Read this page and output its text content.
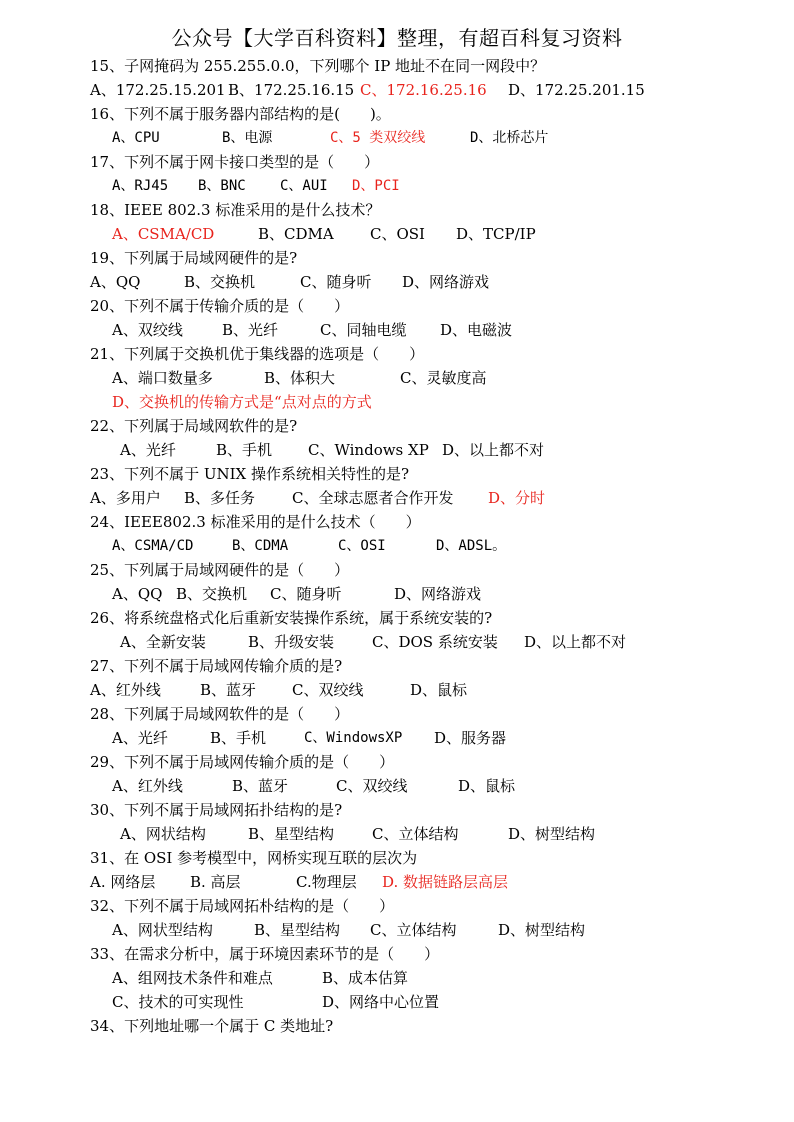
公众号【大学百科资料】整理，有超百科复习资料
15、子网掩码为 255.255.0.0，下列哪个 IP 地址不在同一网段中？
A、172.25.15.201 B、172.25.16.15 C、172.16.25.16 D、172.25.201.15
16、下列不属于服务器内部结构的是(　　)。
A、CPU	B、电源	C、5 类双绞线	D、北桥芯片
17、下列不属于网卡接口类型的是（　　）
A、RJ45 B、BNC C、AUI D、PCI
18、IEEE 802.3 标准采用的是什么技术？
A、CSMA/CD	B、CDMA C、OSI D、TCP/IP
19、下列属于局域网硬件的是?
A、QQ	B、交换机	C、随身听 D、网络游戏
20、下列不属于传输介质的是（　　）
A、双绞线	B、光纤	C、同轴电缆 D、电磁波
21、下列属于交换机优于集线器的选项是（　　）
A、端口数量多	B、体积大	C、灵敏度高
D、交换机的传输方式是“点对点的方式
22、下列属于局域网软件的是?
A、光纤	B、手机 C、Windows XP D、以上都不对
23、下列不属于 UNIX 操作系统相关特性的是?
A、多用户 B、多任务 C、全球志愿者合作开发 D、分时
24、IEEE802.3 标准采用的是什么技术（　　）
A、CSMA/CD	B、CDMA	C、OSI	D、ADSL。
25、下列属于局域网硬件的是（　　）
A、QQ B、交换机 C、随身听	D、网络游戏
26、将系统盘格式化后重新安装操作系统，属于系统安装的?
A、全新安装	B、升级安装	C、DOS 系统安装 D、以上都不对
27、下列不属于局域网传输介质的是?
A、红外线	B、蓝牙 C、双绞线	D、鼠标
28、下列属于局域网软件的是（　　）
A、光纤	B、手机	C、WindowsXP D、服务器
29、下列不属于局域网传输介质的是（　　）
A、红外线	B、蓝牙	C、双绞线	D、鼠标
30、下列不属于局域网拓扑结构的是?
A、网状结构	B、星型结构	C、立体结构	D、树型结构
31、在 OSI 参考模型中，网桥实现互联的层次为
A. 网络层 B. 高层	C.物理层 D. 数据链路层高层
32、下列不属于局域网拓朴结构的是（　　）
A、网状型结构	B、星型结构 C、立体结构	D、树型结构
33、在需求分析中，属于环境因素环节的是（　　）
A、组网技术条件和难点	B、成本估算
C、技术的可实现性	D、网络中心位置
34、下列地址哪一个属于 C 类地址?
